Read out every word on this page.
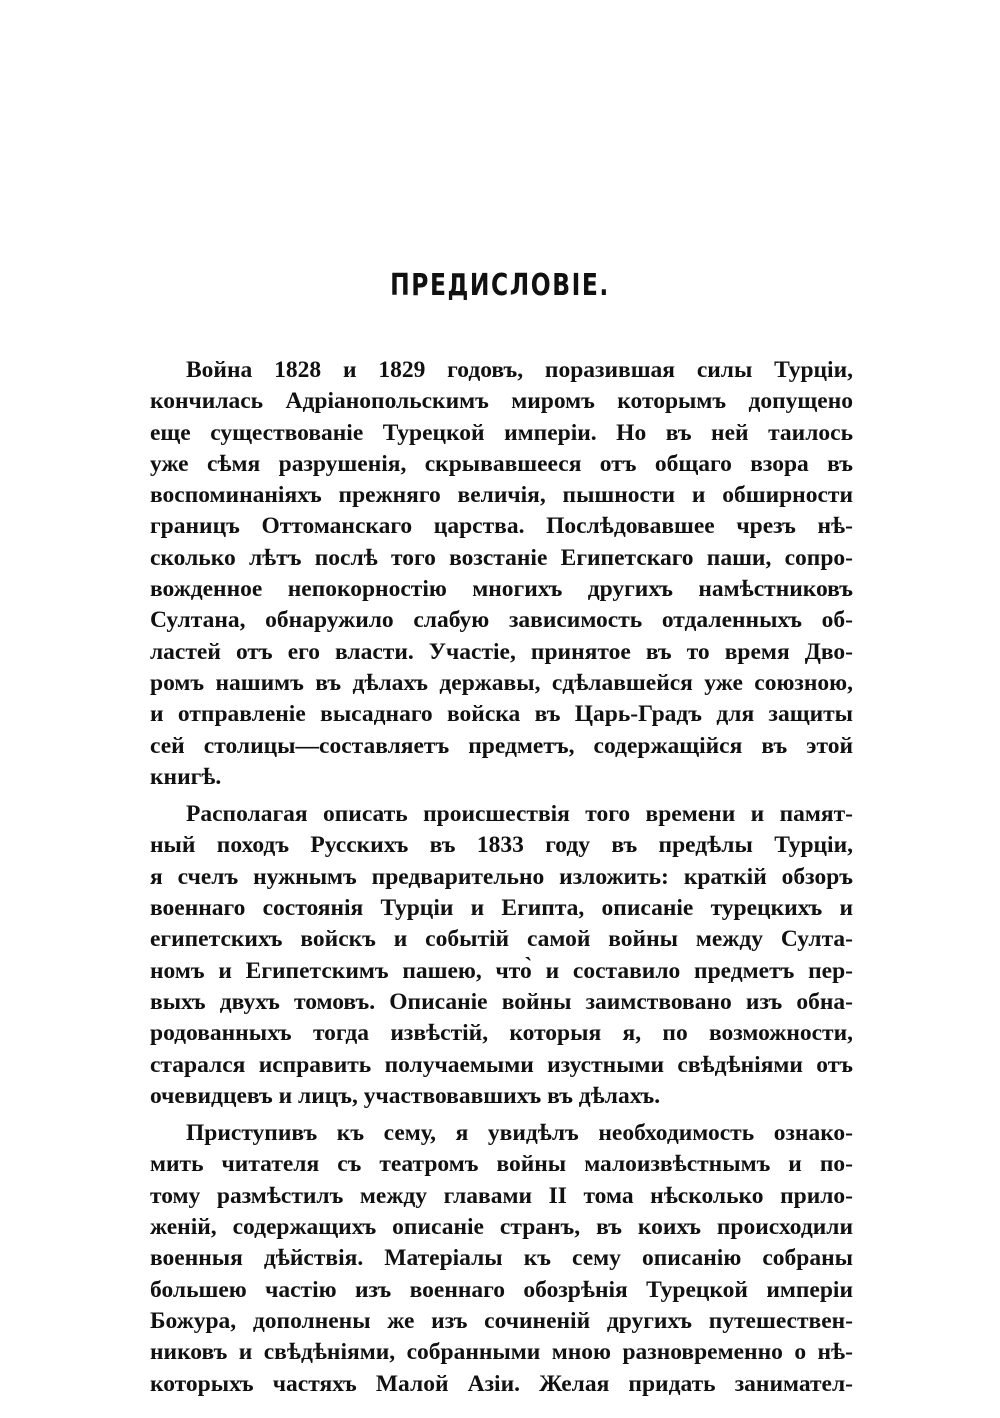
ПРЕДИСЛОВІЕ.
Война 1828 и 1829 годовъ, поразившая силы Турціи,
кончилась Адріанопольскимъ миромъ которымъ допущено
еще существованіе Турецкой имперіи. Но въ ней таилось
уже сѣмя разрушенія, скрывавшееся отъ общаго взора въ
воспоминаніяхъ прежняго величія, пышности и обширности
границъ Оттоманскаго царства. Послѣдовавшее чрезъ нѣ-
сколько лѣтъ послѣ того возстаніе Египетскаго паши, сопро-
вожденное непокорностію многихъ другихъ намѣстниковъ
Султана, обнаружило слабую зависимость отдаленныхъ об-
ластей отъ его власти. Участіе, принятое въ то время Дво-
ромъ нашимъ въ дѣлахъ державы, сдѣлавшейся уже союзною,
и отправленіе высаднаго войска въ Царь-Градъ для защиты
сей столицы—составляетъ предметъ, содержащійся въ этой
книгѣ.
Располагая описать происшествія того времени и памят-
ный походъ Русскихъ въ 1833 году въ предѣлы Турціи,
я счелъ нужнымъ предварительно изложить: краткій обзоръ
военнаго состоянія Турціи и Египта, описаніе турецкихъ и
египетскихъ войскъ и событій самой войны между Султа-
номъ и Египетскимъ пашею, что̀ и составило предметъ пер-
выхъ двухъ томовъ. Описаніе войны заимствовано изъ обна-
родованныхъ тогда извѣстій, которыя я, по возможности,
старался исправить получаемыми изустными свѣдѣніями отъ
очевидцевъ и лицъ, участвовавшихъ въ дѣлахъ.
Приступивъ къ сему, я увидѣлъ необходимость ознако-
мить читателя съ театромъ войны малоизвѣстнымъ и по-
тому размѣстилъ между главами II тома нѣсколько прило-
женій, содержащихъ описаніе странъ, въ коихъ происходили
военныя дѣйствія. Матеріалы къ сему описанію собраны
большею частію изъ военнаго обозрѣнія Турецкой имперіи
Божура, дополнены же изъ сочиненій другихъ путешествен-
никовъ и свѣдѣніями, собранными мною разновременно о нѣ-
которыхъ частяхъ Малой Азіи. Желая придать занимател-
